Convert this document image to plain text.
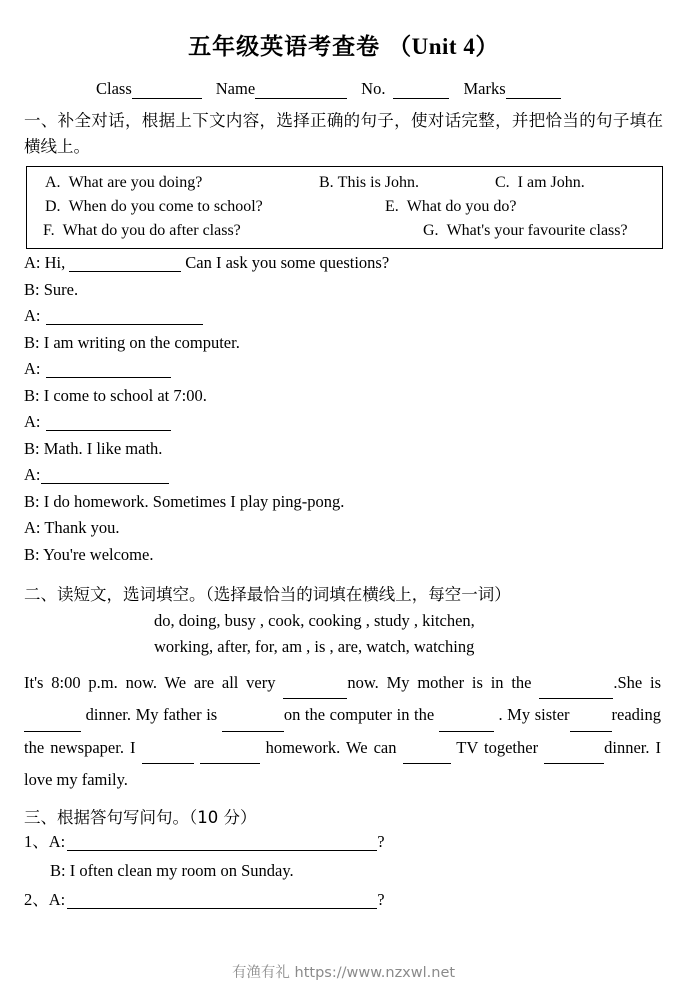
五年级英语考查卷 （Unit 4）
Class	Name	No.	Marks
一、补全对话，根据上下文内容，选择正确的句子，使对话完整，并把恰当的句子填在横线上。
A. What are you doing?	B. This is John.	C. I am John.
D. When do you come to school?	E. What do you do?
F. What do you do after class?	G. What's your favourite class?
A: Hi,	Can I ask you some questions?
B: Sure.
A:
B: I am writing on the computer.
A:
B: I come to school at 7:00.
A:
B: Math. I like math.
A:
B: I do homework. Sometimes I play ping-pong.
A: Thank you.
B: You're welcome.
二、读短文，选词填空。（选择最恰当的词填在横线上，每空一词）
do, doing, busy , cook, cooking , study , kitchen,
working, after, for, am , is , are, watch, watching
It's 8:00 p.m. now. We are all very	now. My mother is in the	.She is  dinner. My father is	on the computer in the	. My sister	reading the newspaper. I	homework. We can	TV together	dinner. I love my family.
三、根据答句写问句。（10 分）
1、A:	?
B: I often clean my room on Sunday.
2、A:	?
有渔有礼 https://www.nzxwl.net
